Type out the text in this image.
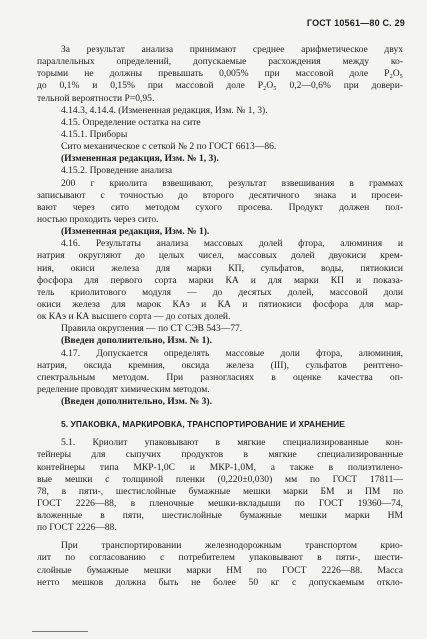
ГОСТ 10561—80 С. 29
За результат анализа принимают среднее арифметическое двух
параллельных определений, допускаемые расхождения между ко-
торыми не должны превышать 0,005% при массовой доле P₂O₅
до 0,1% и 0,15% при массовой доле P₂O₅ 0,2—0,6% при довери-
тельной вероятности P=0,95.
4.14.3, 4.14.4. (Измененная редакция, Изм. № 1, 3).
4.15. Определение остатка на сите
4.15.1. Приборы
Сито механическое с сеткой № 2 по ГОСТ 6613—86.
(Измененная редакция, Изм. № 1, 3).
4.15.2. Проведение анализа
200 г криолита взвешивают, результат взвешивания в граммах
записывают с точностью до второго десятичного знака и просеи-
вают через сито методом сухого просева. Продукт должен пол-
ностью проходить через сито.
(Измененная редакция, Изм. № 1).
4.16. Результаты анализа массовых долей фтора, алюминия и
натрия округляют до целых чисел, массовых долей двуокиси крем-
ния, окиси железа для марки КП, сульфатов, воды, пятиокиси
фосфора для первого сорта марки КА и для марки КП и показа-
тель криолитового модуля — до десятых долей, массовой доли
окиси железа для марок КАэ и КА и пятиокиси фосфора для мар-
ок КАэ и КА высшего сорта — до сотых долей.
Правила округления — по СТ СЭВ 543—77.
(Введен дополнительно, Изм. № 1).
4.17. Допускается определять массовые доли фтора, алюминия,
натрия, оксида кремния, оксида железа (III), сульфатов рентгено-
спектральным методом. При разногласиях в оценке качества оп-
ределение проводят химическим методом.
(Введен дополнительно, Изм. № 3).
5. УПАКОВКА, МАРКИРОВКА, ТРАНСПОРТИРОВАНИЕ И ХРАНЕНИЕ
5.1. Криолит упаковывают в мягкие специализированные кон-
тейнеры для сыпучих продуктов в мягкие специализированные
контейнеры типа МКР-1,0С и МКР-1,0М, а также в полиэтилено-
вые мешки с толщиной пленки (0,220±0,030) мм по ГОСТ 17811—
78, в пяти-, шестислойные бумажные мешки марки БМ и ПМ по
ГОСТ 2226—88, в пленочные мешки-вкладыши по ГОСТ 19360—74,
вложенные в пяти, шестислойные бумажные мешки марки НМ
по ГОСТ 2226—88.
При транспортировании железнодорожным транспортом крио-
лит по согласованию с потребителем упаковывают в пяти-, шести-
слойные бумажные мешки марки НМ по ГОСТ 2226—88. Масса
нетто мешков должна быть не более 50 кг с допускаемым откло-
